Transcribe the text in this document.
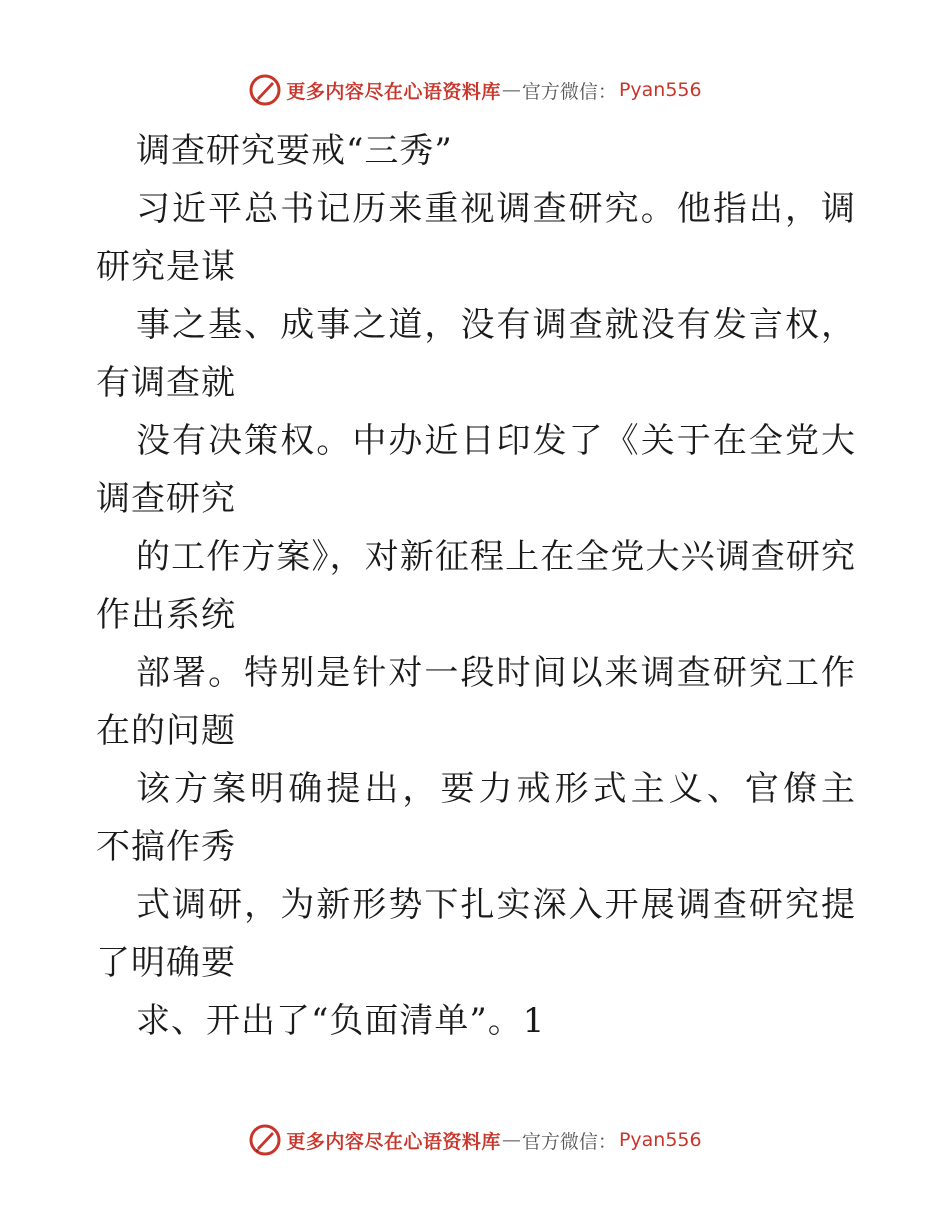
更多内容尽在心语资料库 — 官方微信： Pyan556
调查研究要戒“三秀”
习近平总书记历来重视调查研究。他指出，调
研究是谋
事之基、成事之道，没有调查就没有发言权，
有调查就
没有决策权。中办近日印发了《关于在全党大
调查研究
的工作方案》，对新征程上在全党大兴调查研究
作出系统
部署。特别是针对一段时间以来调查研究工作
在的问题
该方案明确提出，要力戒形式主义、官僚主
不搞作秀
式调研，为新形势下扎实深入开展调查研究提
了明确要
求、开出了“负面清单”。1
更多内容尽在心语资料库 — 官方微信： Pyan556
